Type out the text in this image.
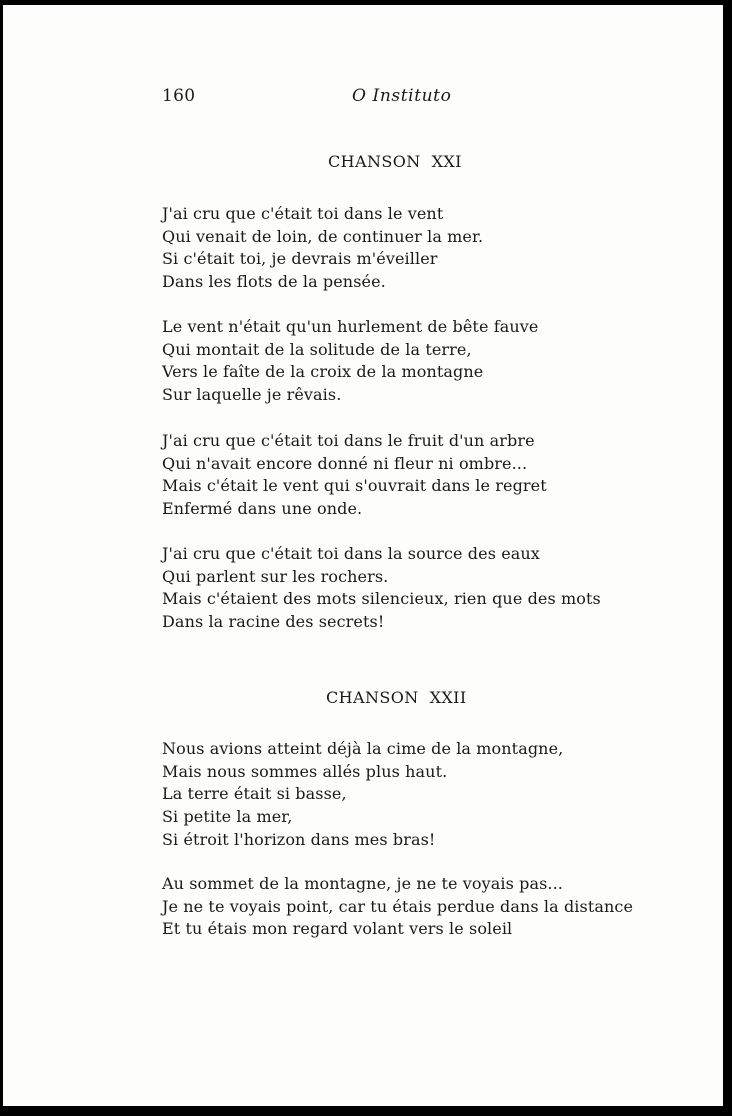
160	O Instituto
CHANSON  XXI

J'ai cru que c'était toi dans le vent
Qui venait de loin, de continuer la mer.
Si c'était toi, je devrais m'éveiller
Dans les flots de la pensée.

Le vent n'était qu'un hurlement de bête fauve
Qui montait de la solitude de la terre,
Vers le faîte de la croix de la montagne
Sur laquelle je rêvais.

J'ai cru que c'était toi dans le fruit d'un arbre
Qui n'avait encore donné ni fleur ni ombre...
Mais c'était le vent qui s'ouvrait dans le regret
Enfermé dans une onde.

J'ai cru que c'était toi dans la source des eaux
Qui parlent sur les rochers.
Mais c'étaient des mots silencieux, rien que des mots
Dans la racine des secrets!

CHANSON  XXII

Nous avions atteint déjà la cime de la montagne,
Mais nous sommes allés plus haut.
La terre était si basse,
Si petite la mer,
Si étroit l'horizon dans mes bras!

Au sommet de la montagne, je ne te voyais pas...
Je ne te voyais point, car tu étais perdue dans la distance
Et tu étais mon regard volant vers le soleil
